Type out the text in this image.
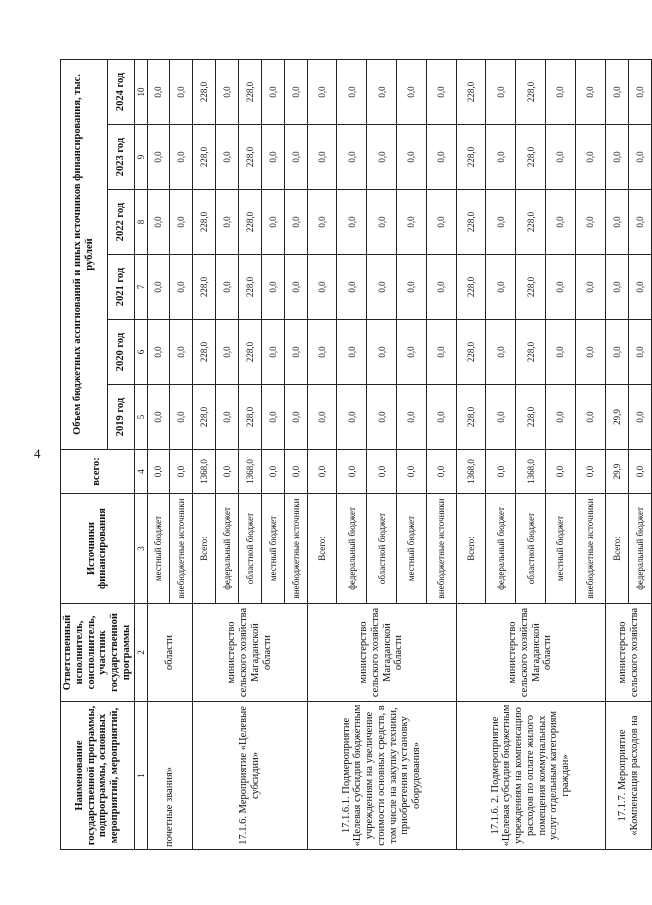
4
Наименование государственной программы, подпрограммы, основных мероприятий, мероприятий,	Ответственный исполнитель, соисполнитель, участник государственной программы	Источники финансирования	всего:	Объем бюджетных ассигнований и иных источников финансирования, тыс. рублей					
				2019 год	2020 год	2021 год	2022 год	2023 год	2024 год
1	2	3	4	5	6	7	8	9	10
почетные звания»	области	местный бюджет	0,0	0,0	0,0	0,0	0,0	0,0	0,0
		внебюджетные источники	0,0	0,0	0,0	0,0	0,0	0,0	0,0
17.1.6. Мероприятие «Целевые субсидии»	министерство сельского хозяйства Магаданской области	Всего:	1368,0	228,0	228,0	228,0	228,0	228,0	228,0
		федеральный бюджет	0,0	0,0	0,0	0,0	0,0	0,0	0,0
		областной бюджет	1368,0	228,0	228,0	228,0	228,0	228,0	228,0
		местный бюджет	0,0	0,0	0,0	0,0	0,0	0,0	0,0
		внебюджетные источники	0,0	0,0	0,0	0,0	0,0	0,0	0,0
17.1.6.1. Подмероприятие «Целевая субсидия бюджетным учреждениям на увеличение стоимости основных средств, в том числе на закупку техники, приобретения и установку оборудования»	министерство сельского хозяйства Магаданской области	Всего:	0,0	0,0	0,0	0,0	0,0	0,0	0,0
		федеральный бюджет	0,0	0,0	0,0	0,0	0,0	0,0	0,0
		областной бюджет	0,0	0,0	0,0	0,0	0,0	0,0	0,0
		местный бюджет	0,0	0,0	0,0	0,0	0,0	0,0	0,0
		внебюджетные источники	0,0	0,0	0,0	0,0	0,0	0,0	0,0
17.1.6. 2. Подмероприятие «Целевая субсидия бюджетным учреждениям на компенсацию расходов по оплате жилого помещения коммунальных услуг отдельным категориям граждан»	министерство сельского хозяйства Магаданской области	Всего:	1368,0	228,0	228,0	228,0	228,0	228,0	228,0
		федеральный бюджет	0,0	0,0	0,0	0,0	0,0	0,0	0,0
		областной бюджет	1368,0	228,0	228,0	228,0	228,0	228,0	228,0
		местный бюджет	0,0	0,0	0,0	0,0	0,0	0,0	0,0
		внебюджетные источники	0,0	0,0	0,0	0,0	0,0	0,0	0,0
17.1.7. Мероприятие «Компенсация расходов на	министерство сельского хозяйства	Всего:	29,9	29,9	0,0	0,0	0,0	0,0	0,0
		федеральный бюджет	0,0	0,0	0,0	0,0	0,0	0,0	0,0
